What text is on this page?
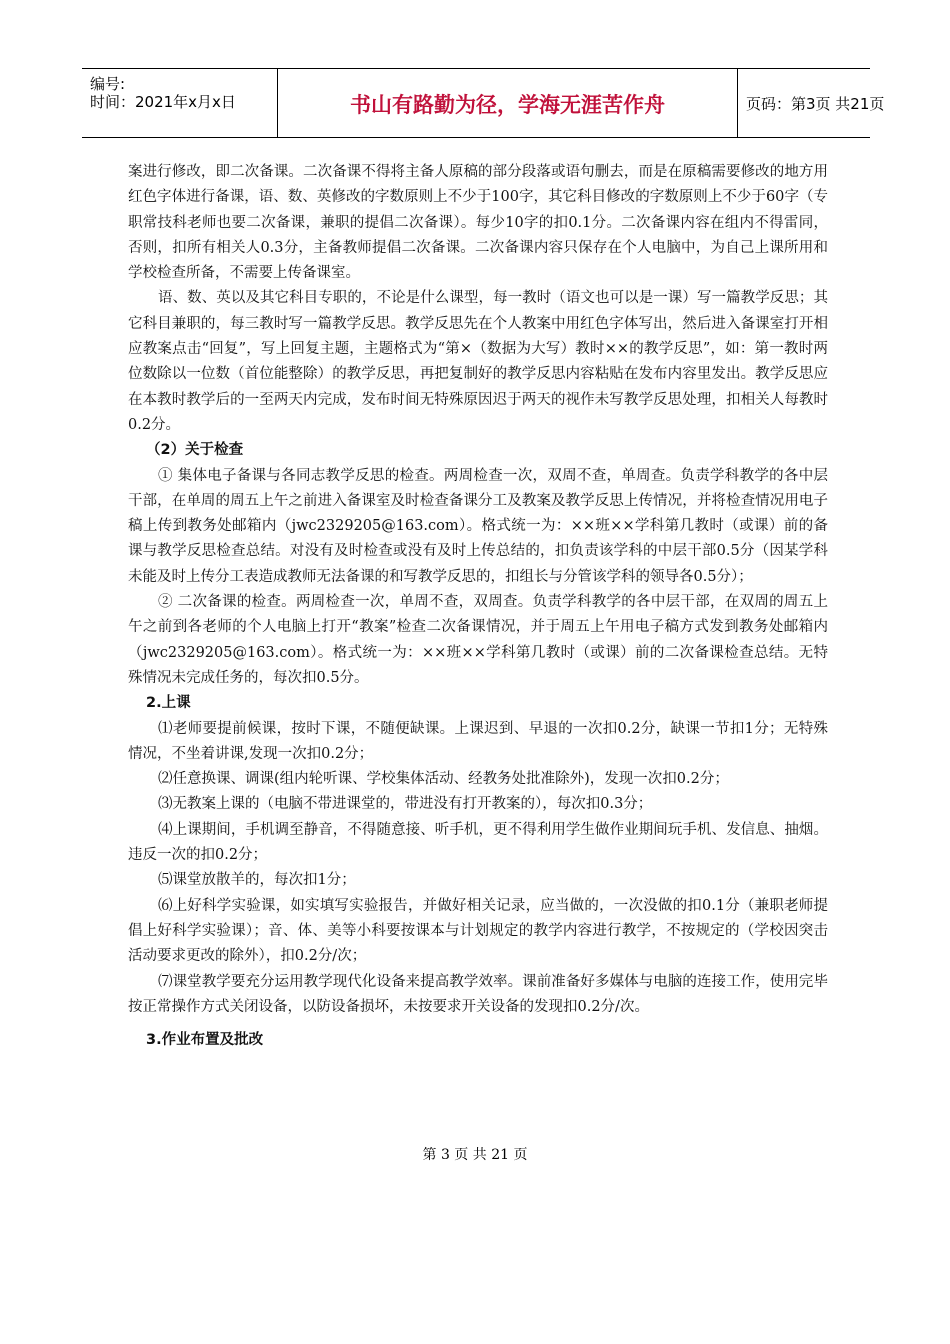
编号:
时间：2021年x月x日	书山有路勤为径，学海无涯苦作舟	页码：第3页 共21页

案进行修改，即二次备课。二次备课不得将主备人原稿的部分段落或语句删去，而是在原稿需要修改的地方用红色字体进行备课，语、数、英修改的字数原则上不少于100字，其它科目修改的字数原则上不少于60字（专职常技科老师也要二次备课，兼职的提倡二次备课）。每少10字的扣0.1分。二次备课内容在组内不得雷同，否则，扣所有相关人0.3分，主备教师提倡二次备课。二次备课内容只保存在个人电脑中，为自己上课所用和学校检查所备，不需要上传备课室。

语、数、英以及其它科目专职的，不论是什么课型，每一教时（语文也可以是一课）写一篇教学反思；其它科目兼职的，每三教时写一篇教学反思。教学反思先在个人教案中用红色字体写出，然后进入备课室打开相应教案点击“回复”，写上回复主题，主题格式为“第×（数据为大写）教时××的教学反思”，如：第一教时两位数除以一位数（首位能整除）的教学反思，再把复制好的教学反思内容粘贴在发布内容里发出。教学反思应在本教时教学后的一至两天内完成，发布时间无特殊原因迟于两天的视作未写教学反思处理，扣相关人每教时0.2分。

（2）关于检查

① 集体电子备课与各同志教学反思的检查。两周检查一次，双周不查，单周查。负责学科教学的各中层干部，在单周的周五上午之前进入备课室及时检查备课分工及教案及教学反思上传情况，并将检查情况用电子稿上传到教务处邮箱内（jwc2329205@163.com）。格式统一为：××班××学科第几教时（或课）前的备课与教学反思检查总结。对没有及时检查或没有及时上传总结的，扣负责该学科的中层干部0.5分（因某学科未能及时上传分工表造成教师无法备课的和写教学反思的，扣组长与分管该学科的领导各0.5分）；

② 二次备课的检查。两周检查一次，单周不查，双周查。负责学科教学的各中层干部，在双周的周五上午之前到各老师的个人电脑上打开“教案”检查二次备课情况，并于周五上午用电子稿方式发到教务处邮箱内（jwc2329205@163.com）。格式统一为：××班××学科第几教时（或课）前的二次备课检查总结。无特殊情况未完成任务的，每次扣0.5分。

2.上课

⑴老师要提前候课，按时下课，不随便缺课。上课迟到、早退的一次扣0.2分，缺课一节扣1分；无特殊情况，不坐着讲课,发现一次扣0.2分；

⑵任意换课、调课(组内轮听课、学校集体活动、经教务处批准除外)，发现一次扣0.2分；

⑶无教案上课的（电脑不带进课堂的，带进没有打开教案的），每次扣0.3分；

⑷上课期间，手机调至静音，不得随意接、听手机，更不得利用学生做作业期间玩手机、发信息、抽烟。违反一次的扣0.2分；

⑸课堂放散羊的，每次扣1分；

⑹上好科学实验课，如实填写实验报告，并做好相关记录，应当做的，一次没做的扣0.1分（兼职老师提倡上好科学实验课）；音、体、美等小科要按课本与计划规定的教学内容进行教学，不按规定的（学校因突击活动要求更改的除外），扣0.2分/次；

⑺课堂教学要充分运用教学现代化设备来提高教学效率。课前准备好多媒体与电脑的连接工作，使用完毕按正常操作方式关闭设备，以防设备损坏，未按要求开关设备的发现扣0.2分/次。

3.作业布置及批改

第 3 页 共 21 页
